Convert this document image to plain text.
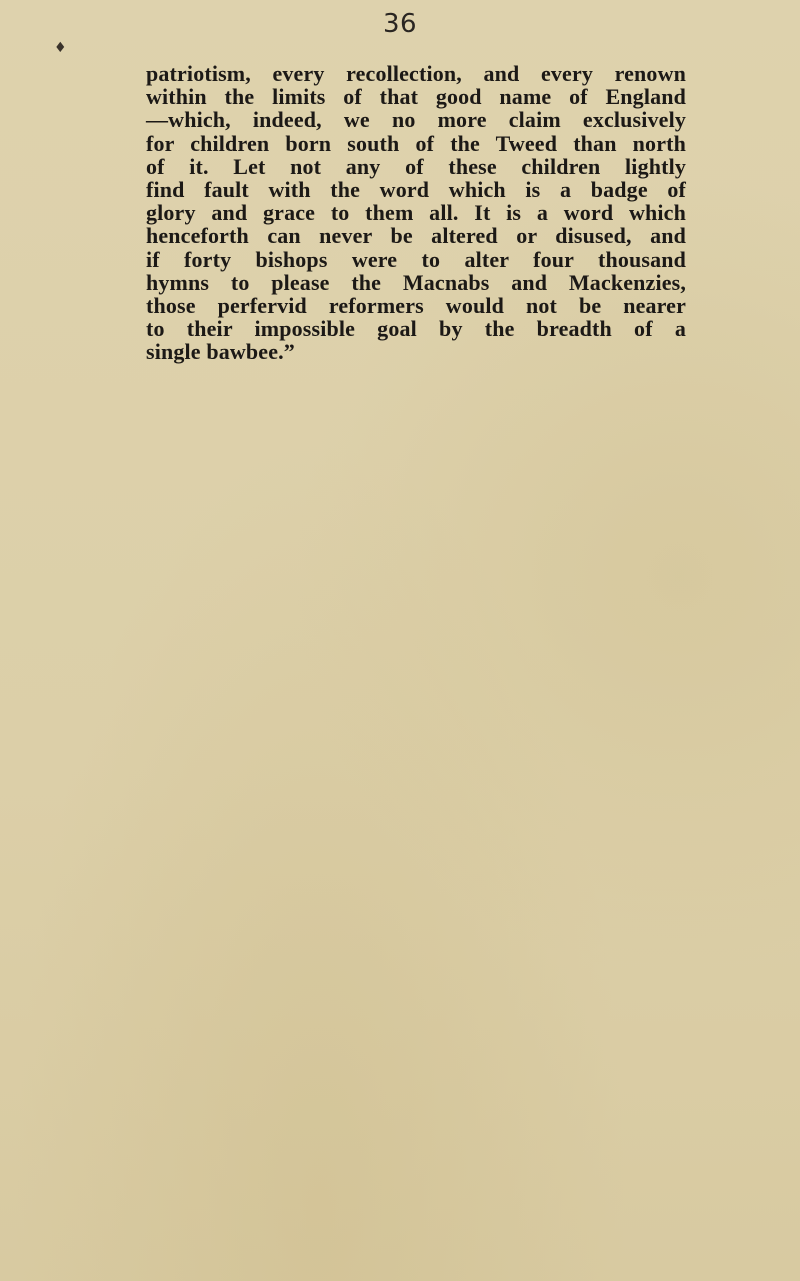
♦
36
patriotism, every recollection, and every renown
within the limits of that good name of England
—which, indeed, we no more claim exclusively
for children born south of the Tweed than north
of it. Let not any of these children lightly
find fault with the word which is a badge of
glory and grace to them all. It is a word which
henceforth can never be altered or disused, and
if forty bishops were to alter four thousand
hymns to please the Macnabs and Mackenzies,
those perfervid reformers would not be nearer
to their impossible goal by the breadth of a
single bawbee.”
